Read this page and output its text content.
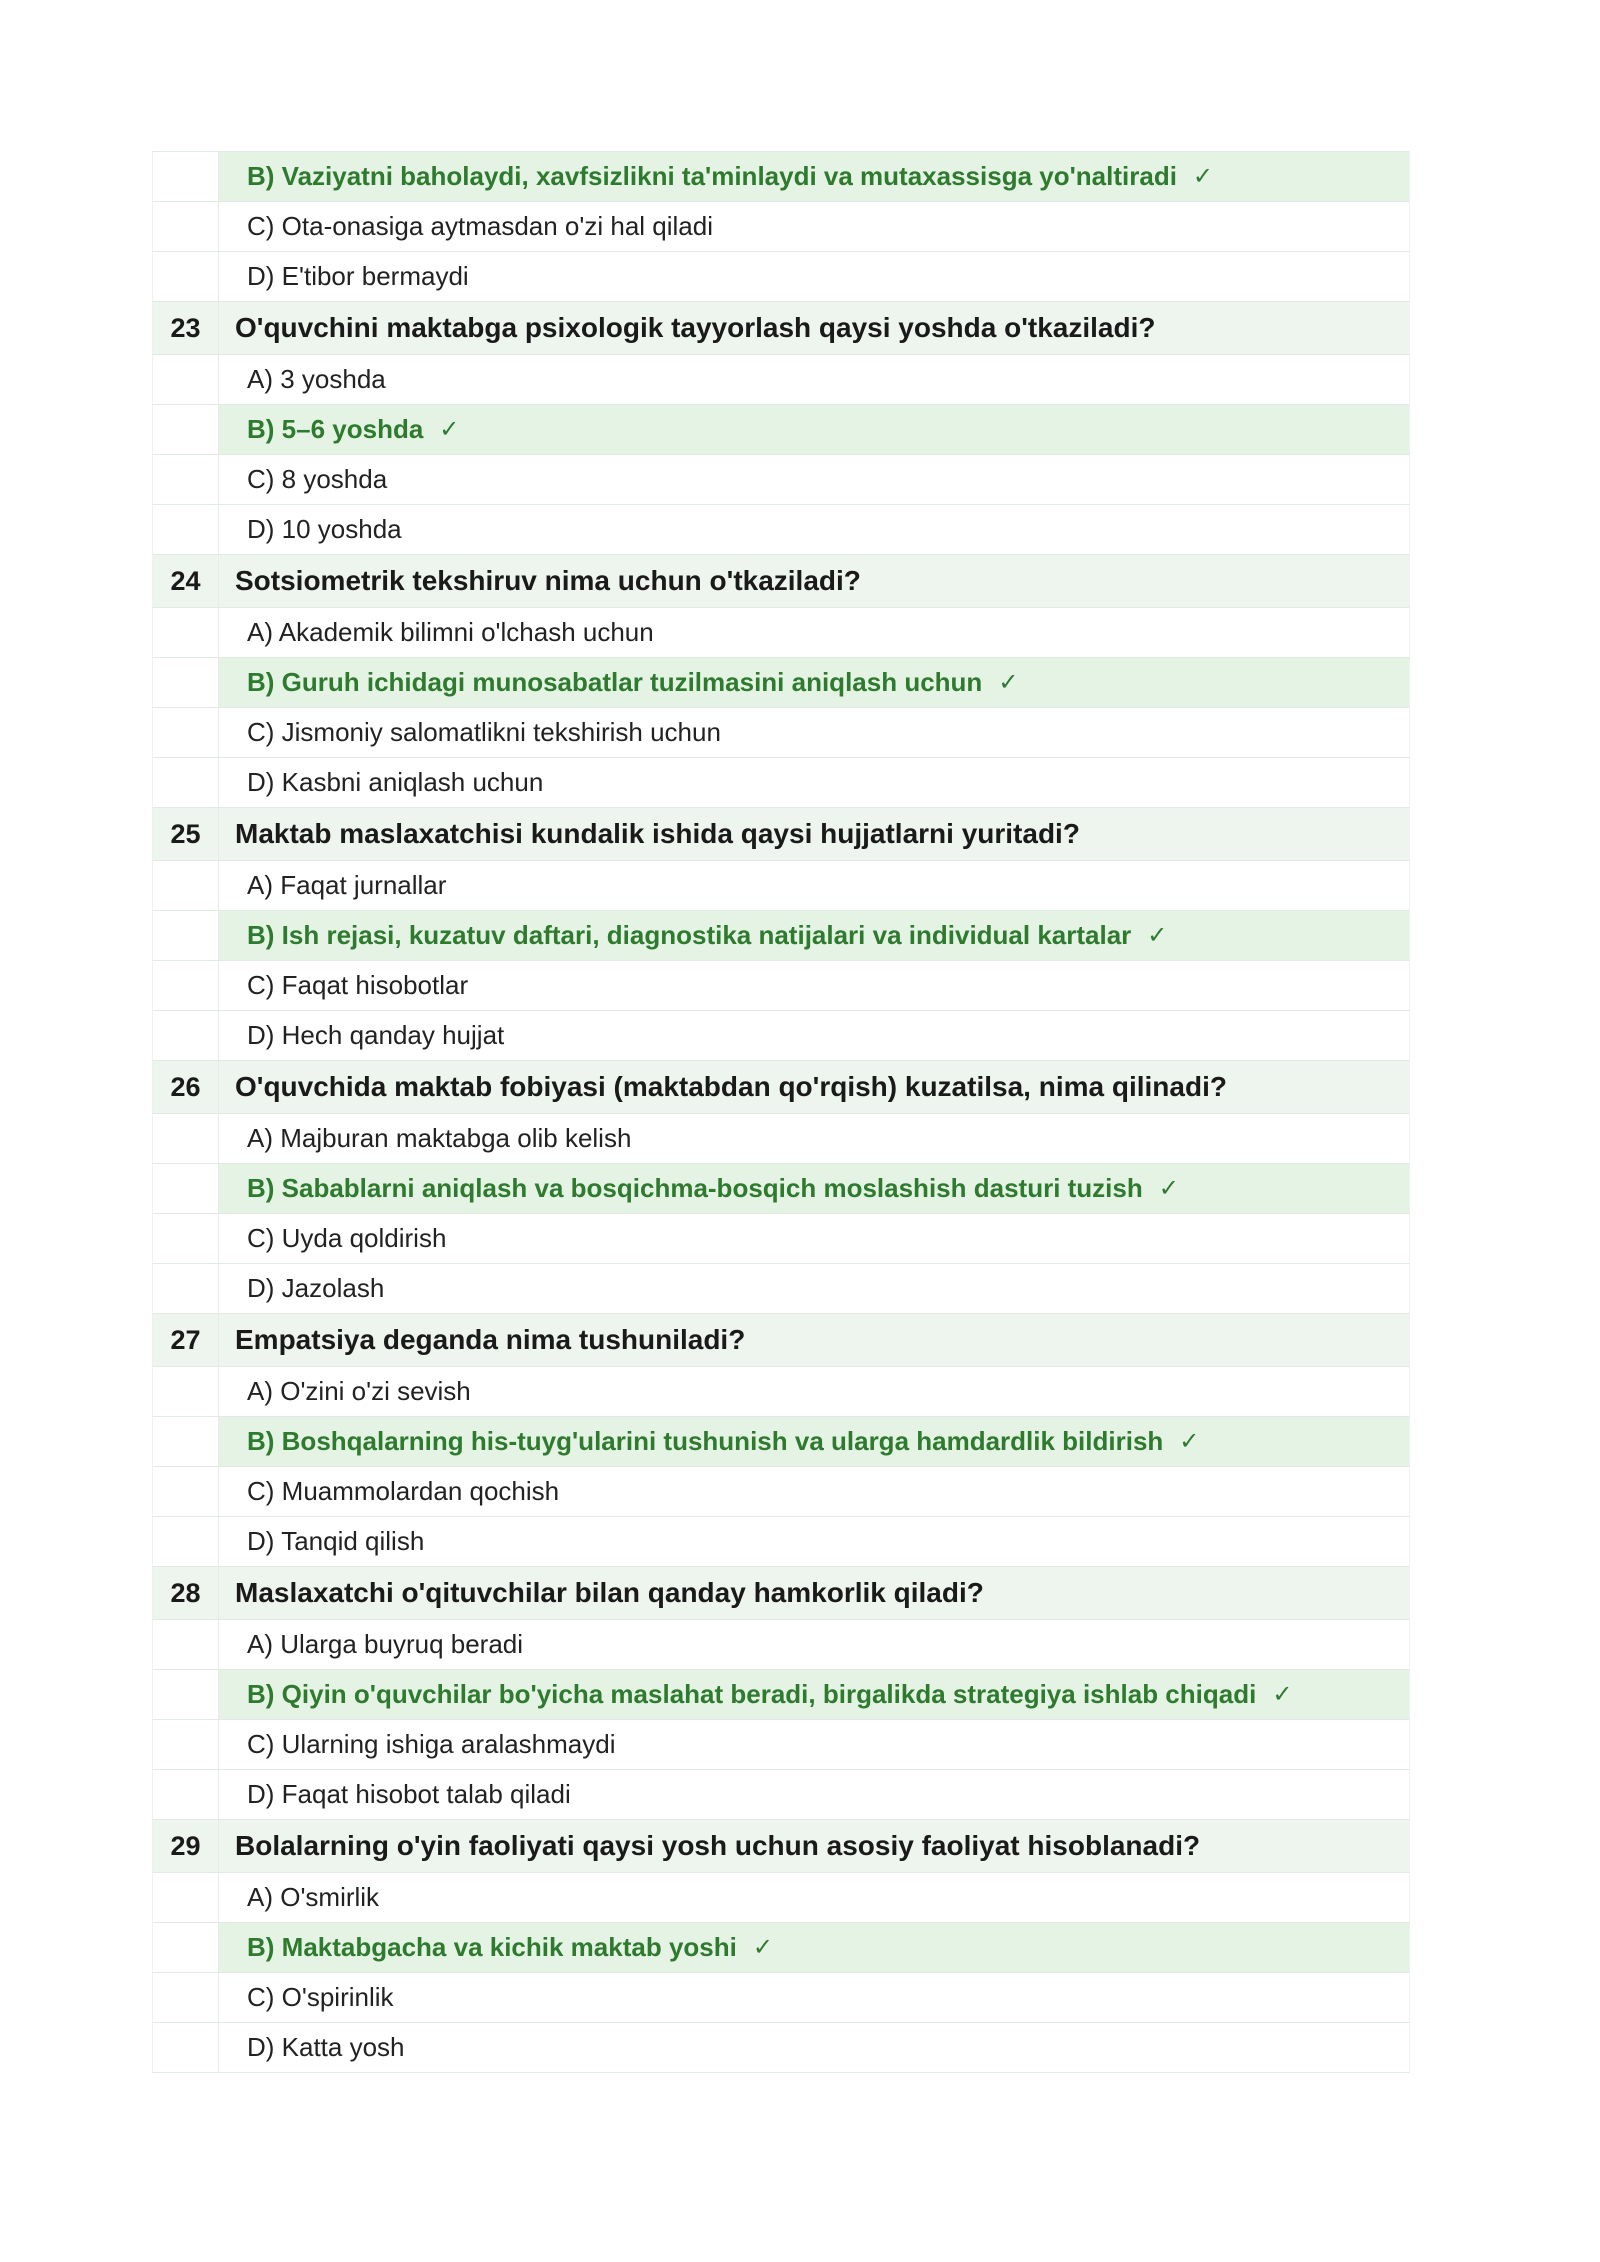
B) Vaziyatni baholaydi, xavfsizlikni ta'minlaydi va mutaxassisga yo'naltiradi ✓
C) Ota-onasiga aytmasdan o'zi hal qiladi
D) E'tibor bermaydi
23	O'quvchini maktabga psixologik tayyorlash qaysi yoshda o'tkaziladi?
A) 3 yoshda
B) 5–6 yoshda ✓
C) 8 yoshda
D) 10 yoshda
24	Sotsiometrik tekshiruv nima uchun o'tkaziladi?
A) Akademik bilimni o'lchash uchun
B) Guruh ichidagi munosabatlar tuzilmasini aniqlash uchun ✓
C) Jismoniy salomatlikni tekshirish uchun
D) Kasbni aniqlash uchun
25	Maktab maslaxatchisi kundalik ishida qaysi hujjatlarni yuritadi?
A) Faqat jurnallar
B) Ish rejasi, kuzatuv daftari, diagnostika natijalari va individual kartalar ✓
C) Faqat hisobotlar
D) Hech qanday hujjat
26	O'quvchida maktab fobiyasi (maktabdan qo'rqish) kuzatilsa, nima qilinadi?
A) Majburan maktabga olib kelish
B) Sabablarni aniqlash va bosqichma-bosqich moslashish dasturi tuzish ✓
C) Uyda qoldirish
D) Jazolash
27	Empatsiya deganda nima tushuniladi?
A) O'zini o'zi sevish
B) Boshqalarning his-tuyg'ularini tushunish va ularga hamdardlik bildirish ✓
C) Muammolardan qochish
D) Tanqid qilish
28	Maslaxatchi o'qituvchilar bilan qanday hamkorlik qiladi?
A) Ularga buyruq beradi
B) Qiyin o'quvchilar bo'yicha maslahat beradi, birgalikda strategiya ishlab chiqadi ✓
C) Ularning ishiga aralashmaydi
D) Faqat hisobot talab qiladi
29	Bolalarning o'yin faoliyati qaysi yosh uchun asosiy faoliyat hisoblanadi?
A) O'smirlik
B) Maktabgacha va kichik maktab yoshi ✓
C) O'spirinlik
D) Katta yosh
